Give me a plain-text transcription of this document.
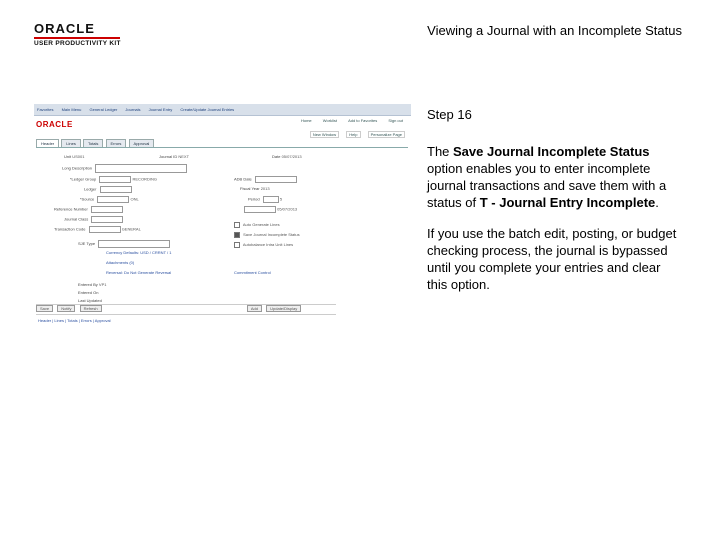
ORACLE
USER PRODUCTIVITY KIT
Viewing a Journal with an Incomplete Status
Favorites Main Menu General Ledger Journals Journal Entry Create/Update Journal Entries
Home	Worklist	Add to Favorites	Sign out
ORACLE
New Window	Help	Personalize Page
Header	Lines	Totals	Errors	Approval
Unit US001	Journal ID NEXT	Date 05/07/2013
Long Description
*Ledger Group	RECORDING
Ledger
*Source	ONL
Reference Number
Journal Class
Transaction Code	GENERAL
SJE Type
Currency Defaults: USD / CRRNT / 1
Attachments (0)
Reversal: Do Not Generate Reversal	Commitment Control
Entered By VP1
Entered On
Last Updated
ADB Date
Fiscal Year 2013
Period	5
05/07/2013
Auto Generate Lines
Save Journal Incomplete Status
Autobalance Intra Unit Lines
Save	Notify	Refresh	Add	Update/Display
Header | Lines | Totals | Errors | Approval

Step 16

The Save Journal Incomplete Status option enables you to enter incomplete journal transactions and save them with a status of T - Journal Entry Incomplete.

If you use the batch edit, posting, or budget checking process, the journal is bypassed until you complete your entries and clear this option.
